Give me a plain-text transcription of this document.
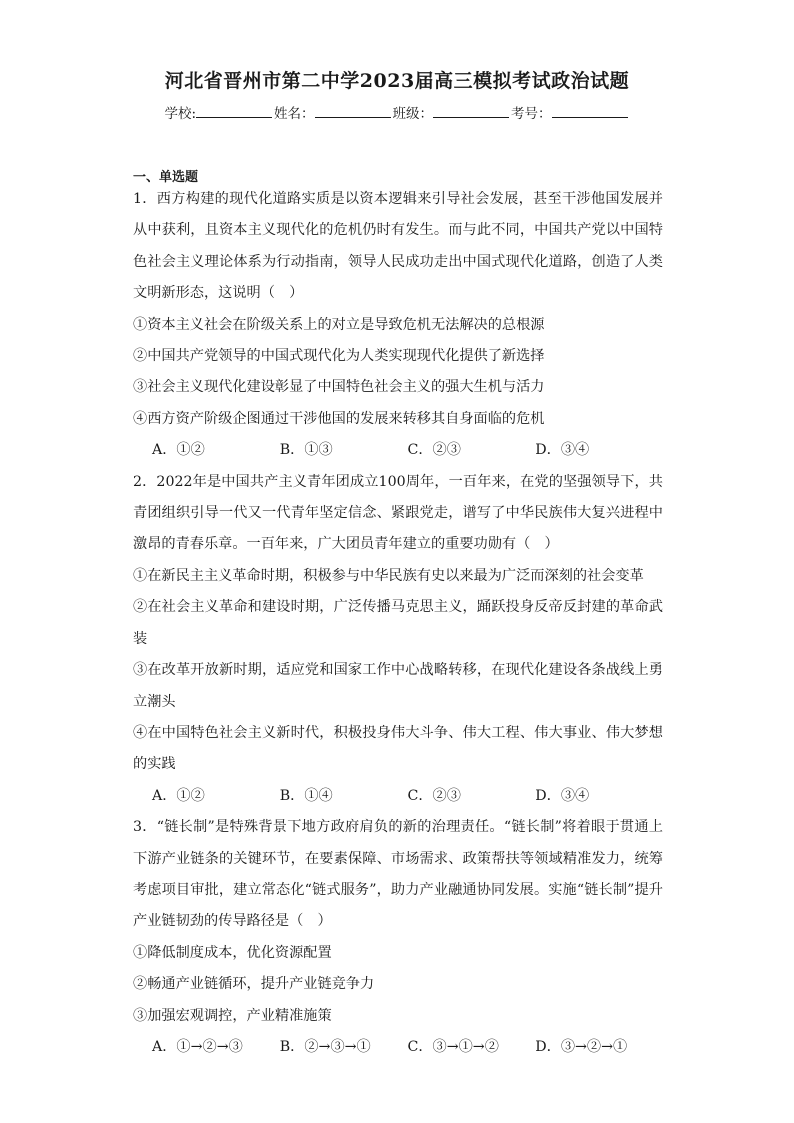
河北省晋州市第二中学2023届高三模拟考试政治试题
学校:	姓名：	班级：	考号：
一、单选题

1．西方构建的现代化道路实质是以资本逻辑来引导社会发展，甚至干涉他国发展并从中获利，且资本主义现代化的危机仍时有发生。而与此不同，中国共产党以中国特色社会主义理论体系为行动指南，领导人民成功走出中国式现代化道路，创造了人类文明新形态，这说明（　）

①资本主义社会在阶级关系上的对立是导致危机无法解决的总根源

②中国共产党领导的中国式现代化为人类实现现代化提供了新选择

③社会主义现代化建设彰显了中国特色社会主义的强大生机与活力

④西方资产阶级企图通过干涉他国的发展来转移其自身面临的危机

A．①②	B．①③	C．②③	D．③④

2．2022年是中国共产主义青年团成立100周年，一百年来，在党的坚强领导下，共青团组织引导一代又一代青年坚定信念、紧跟党走，谱写了中华民族伟大复兴进程中激昂的青春乐章。一百年来，广大团员青年建立的重要功勋有（　）

①在新民主主义革命时期，积极参与中华民族有史以来最为广泛而深刻的社会变革

②在社会主义革命和建设时期，广泛传播马克思主义，踊跃投身反帝反封建的革命武装

③在改革开放新时期，适应党和国家工作中心战略转移，在现代化建设各条战线上勇立潮头

④在中国特色社会主义新时代，积极投身伟大斗争、伟大工程、伟大事业、伟大梦想的实践

A．①②	B．①④	C．②③	D．③④

3．“链长制”是特殊背景下地方政府肩负的新的治理责任。“链长制”将着眼于贯通上下游产业链条的关键环节，在要素保障、市场需求、政策帮扶等领域精准发力，统筹考虑项目审批，建立常态化“链式服务”，助力产业融通协同发展。实施“链长制”提升产业链韧劲的传导路径是（　）

①降低制度成本，优化资源配置

②畅通产业链循环，提升产业链竞争力

③加强宏观调控，产业精准施策

A．①→②→③	B．②→③→①	C．③→①→②	D．③→②→①
